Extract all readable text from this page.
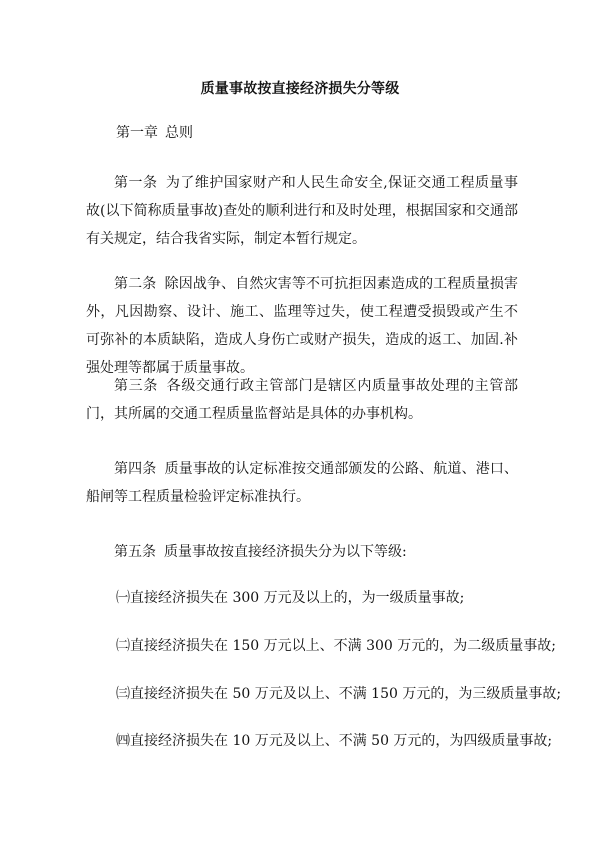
质量事故按直接经济损失分等级
第一章 总则
第一条 为了维护国家财产和人民生命安全,保证交通工程质量事故(以下简称质量事故)查处的顺利进行和及时处理，根据国家和交通部有关规定，结合我省实际，制定本暂行规定。
第二条 除因战争、自然灾害等不可抗拒因素造成的工程质量损害外，凡因勘察、设计、施工、监理等过失，使工程遭受损毁或产生不可弥补的本质缺陷，造成人身伤亡或财产损失，造成的返工、加固.补强处理等都属于质量事故。
第三条 各级交通行政主管部门是辖区内质量事故处理的主管部门，其所属的交通工程质量监督站是具体的办事机构。
第四条 质量事故的认定标准按交通部颁发的公路、航道、港口、船闸等工程质量检验评定标准执行。
第五条 质量事故按直接经济损失分为以下等级:
㈠直接经济损失在 300 万元及以上的，为一级质量事故;
㈡直接经济损失在 150 万元以上、不满 300 万元的，为二级质量事故;
㈢直接经济损失在 50 万元及以上、不满 150 万元的，为三级质量事故;
㈣直接经济损失在 10 万元及以上、不满 50 万元的，为四级质量事故;
